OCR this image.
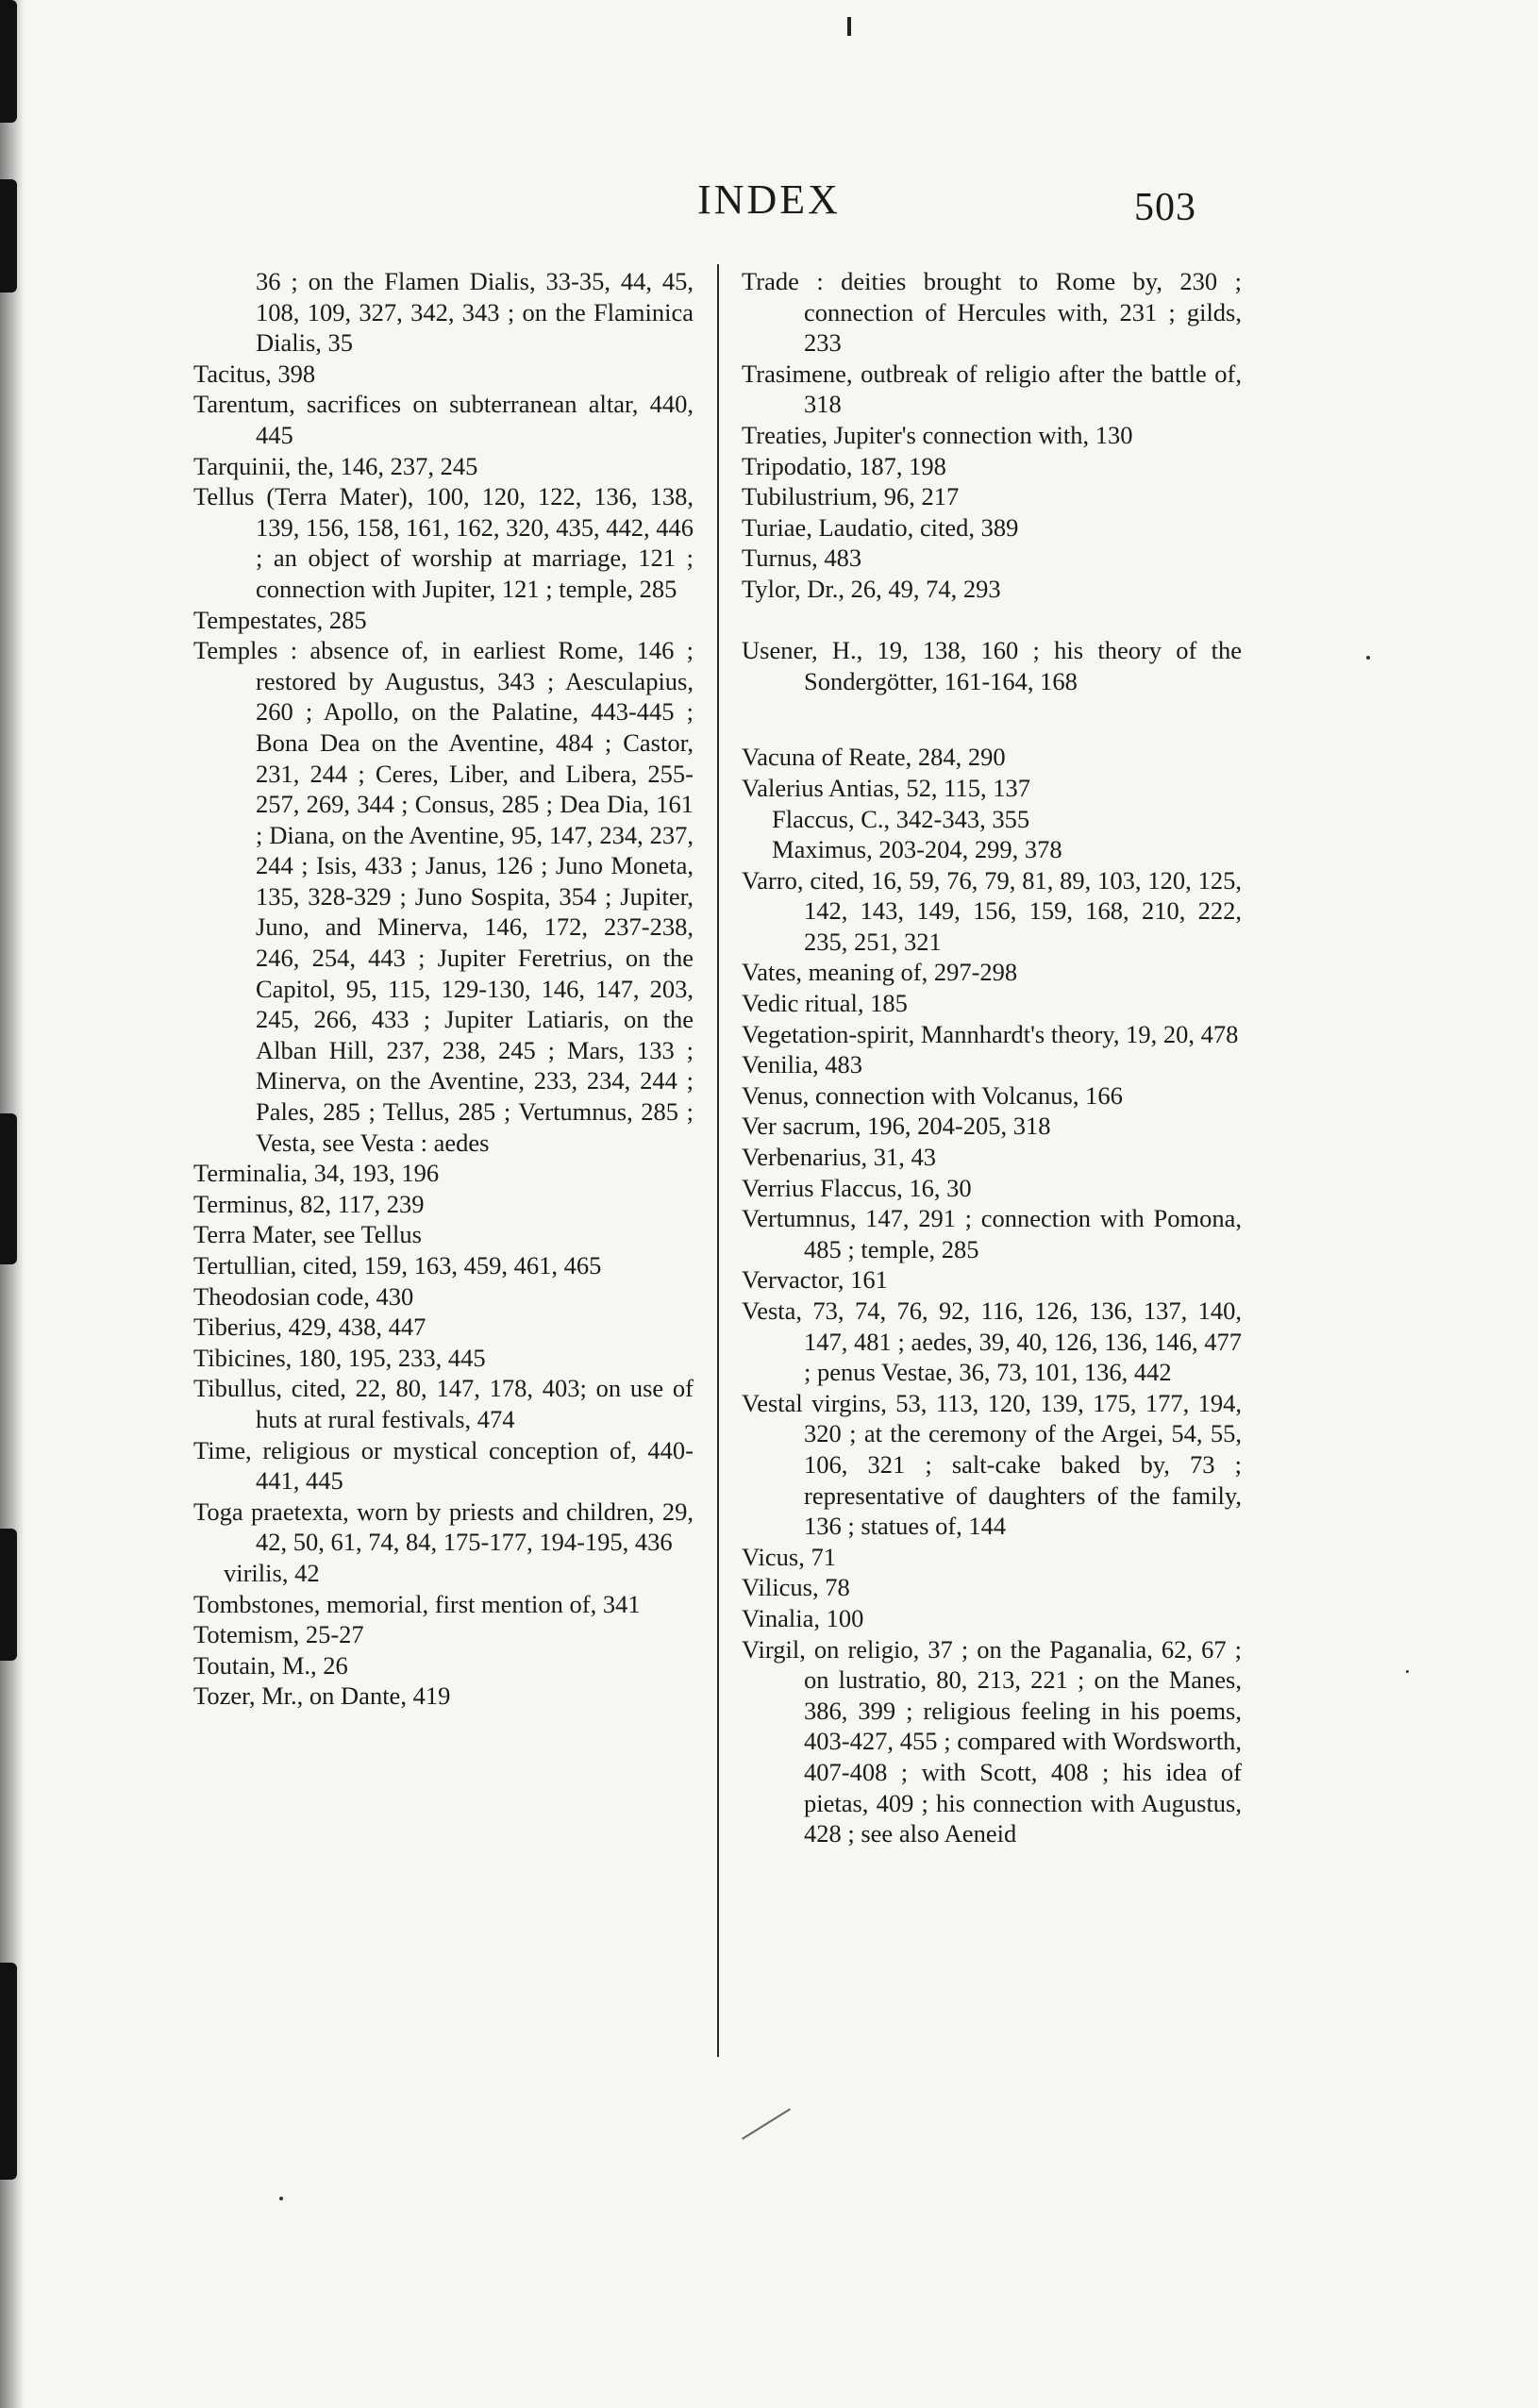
INDEX	503

36 ; on the Flamen Dialis, 33-35, 44, 45, 108, 109, 327, 342, 343 ; on the Flaminica Dialis, 35

Tacitus, 398

Tarentum, sacrifices on subterranean altar, 440, 445

Tarquinii, the, 146, 237, 245

Tellus (Terra Mater), 100, 120, 122, 136, 138, 139, 156, 158, 161, 162, 320, 435, 442, 446 ; an object of worship at marriage, 121 ; connection with Jupiter, 121 ; temple, 285

Tempestates, 285

Temples : absence of, in earliest Rome, 146 ; restored by Augustus, 343 ; Aesculapius, 260 ; Apollo, on the Palatine, 443-445 ; Bona Dea on the Aventine, 484 ; Castor, 231, 244 ; Ceres, Liber, and Libera, 255-257, 269, 344 ; Consus, 285 ; Dea Dia, 161 ; Diana, on the Aventine, 95, 147, 234, 237, 244 ; Isis, 433 ; Janus, 126 ; Juno Moneta, 135, 328-329 ; Juno Sospita, 354 ; Jupiter, Juno, and Minerva, 146, 172, 237-238, 246, 254, 443 ; Jupiter Feretrius, on the Capitol, 95, 115, 129-130, 146, 147, 203, 245, 266, 433 ; Jupiter Latiaris, on the Alban Hill, 237, 238, 245 ; Mars, 133 ; Minerva, on the Aventine, 233, 234, 244 ; Pales, 285 ; Tellus, 285 ; Vertumnus, 285 ; Vesta, see Vesta : aedes

Terminalia, 34, 193, 196

Terminus, 82, 117, 239

Terra Mater, see Tellus

Tertullian, cited, 159, 163, 459, 461, 465

Theodosian code, 430

Tiberius, 429, 438, 447

Tibicines, 180, 195, 233, 445

Tibullus, cited, 22, 80, 147, 178, 403; on use of huts at rural festivals, 474

Time, religious or mystical conception of, 440-441, 445

Toga praetexta, worn by priests and children, 29, 42, 50, 61, 74, 84, 175-177, 194-195, 436

virilis, 42

Tombstones, memorial, first mention of, 341

Totemism, 25-27

Toutain, M., 26

Tozer, Mr., on Dante, 419

Trade : deities brought to Rome by, 230 ; connection of Hercules with, 231 ; gilds, 233

Trasimene, outbreak of religio after the battle of, 318

Treaties, Jupiter's connection with, 130

Tripodatio, 187, 198

Tubilustrium, 96, 217

Turiae, Laudatio, cited, 389

Turnus, 483

Tylor, Dr., 26, 49, 74, 293

Usener, H., 19, 138, 160 ; his theory of the Sondergötter, 161-164, 168

Vacuna of Reate, 284, 290

Valerius Antias, 52, 115, 137

Flaccus, C., 342-343, 355

Maximus, 203-204, 299, 378

Varro, cited, 16, 59, 76, 79, 81, 89, 103, 120, 125, 142, 143, 149, 156, 159, 168, 210, 222, 235, 251, 321

Vates, meaning of, 297-298

Vedic ritual, 185

Vegetation-spirit, Mannhardt's theory, 19, 20, 478

Venilia, 483

Venus, connection with Volcanus, 166

Ver sacrum, 196, 204-205, 318

Verbenarius, 31, 43

Verrius Flaccus, 16, 30

Vertumnus, 147, 291 ; connection with Pomona, 485 ; temple, 285

Vervactor, 161

Vesta, 73, 74, 76, 92, 116, 126, 136, 137, 140, 147, 481 ; aedes, 39, 40, 126, 136, 146, 477 ; penus Vestae, 36, 73, 101, 136, 442

Vestal virgins, 53, 113, 120, 139, 175, 177, 194, 320 ; at the ceremony of the Argei, 54, 55, 106, 321 ; salt-cake baked by, 73 ; representative of daughters of the family, 136 ; statues of, 144

Vicus, 71

Vilicus, 78

Vinalia, 100

Virgil, on religio, 37 ; on the Paganalia, 62, 67 ; on lustratio, 80, 213, 221 ; on the Manes, 386, 399 ; religious feeling in his poems, 403-427, 455 ; compared with Wordsworth, 407-408 ; with Scott, 408 ; his idea of pietas, 409 ; his connection with Augustus, 428 ; see also Aeneid
